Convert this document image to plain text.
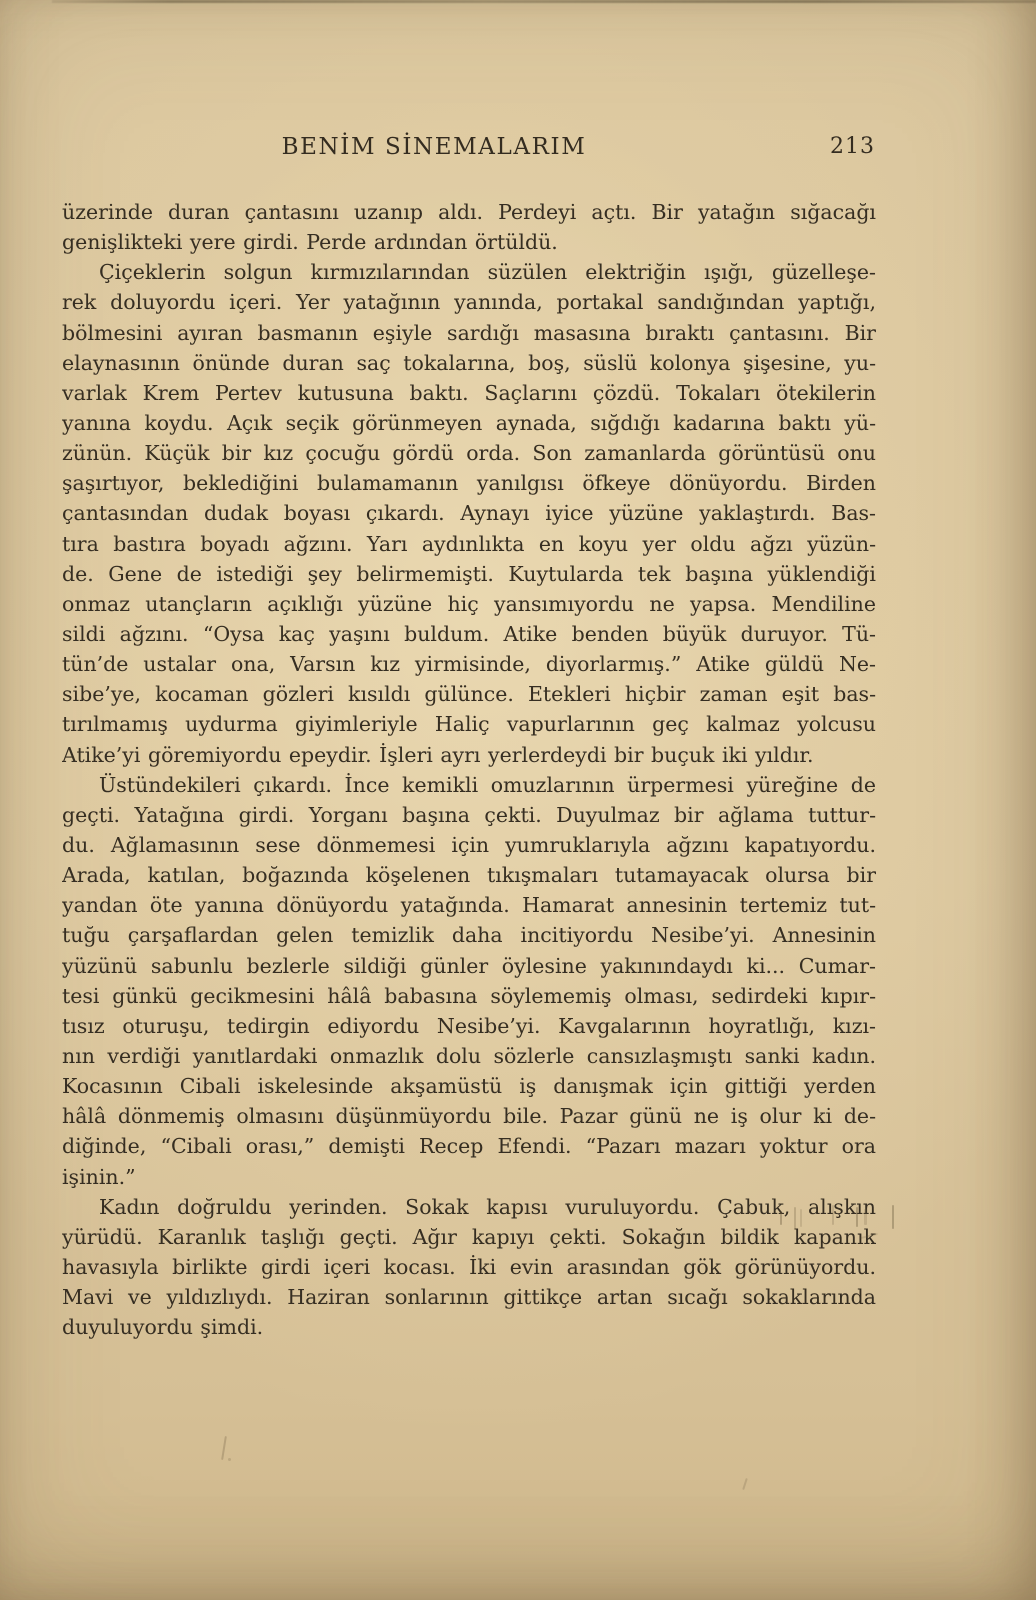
BENİM SİNEMALARIM	213
üzerinde duran çantasını uzanıp aldı. Perdeyi açtı. Bir yatağın sığacağı
genişlikteki yere girdi. Perde ardından örtüldü.
Çiçeklerin solgun kırmızılarından süzülen elektriğin ışığı, güzelleşe-
rek doluyordu içeri. Yer yatağının yanında, portakal sandığından yaptığı,
bölmesini ayıran basmanın eşiyle sardığı masasına bıraktı çantasını. Bir
elaynasının önünde duran saç tokalarına, boş, süslü kolonya şişesine, yu-
varlak Krem Pertev kutusuna baktı. Saçlarını çözdü. Tokaları ötekilerin
yanına koydu. Açık seçik görünmeyen aynada, sığdığı kadarına baktı yü-
zünün. Küçük bir kız çocuğu gördü orda. Son zamanlarda görüntüsü onu
şaşırtıyor, beklediğini bulamamanın yanılgısı öfkeye dönüyordu. Birden
çantasından dudak boyası çıkardı. Aynayı iyice yüzüne yaklaştırdı. Bas-
tıra bastıra boyadı ağzını. Yarı aydınlıkta en koyu yer oldu ağzı yüzün-
de. Gene de istediği şey belirmemişti. Kuytularda tek başına yüklendiği
onmaz utançların açıklığı yüzüne hiç yansımıyordu ne yapsa. Mendiline
sildi ağzını. “Oysa kaç yaşını buldum. Atike benden büyük duruyor. Tü-
tün’de ustalar ona, Varsın kız yirmisinde, diyorlarmış.” Atike güldü Ne-
sibe’ye, kocaman gözleri kısıldı gülünce. Etekleri hiçbir zaman eşit bas-
tırılmamış uydurma giyimleriyle Haliç vapurlarının geç kalmaz yolcusu
Atike’yi göremiyordu epeydir. İşleri ayrı yerlerdeydi bir buçuk iki yıldır.
Üstündekileri çıkardı. İnce kemikli omuzlarının ürpermesi yüreğine de
geçti. Yatağına girdi. Yorganı başına çekti. Duyulmaz bir ağlama tuttur-
du. Ağlamasının sese dönmemesi için yumruklarıyla ağzını kapatıyordu.
Arada, katılan, boğazında köşelenen tıkışmaları tutamayacak olursa bir
yandan öte yanına dönüyordu yatağında. Hamarat annesinin tertemiz tut-
tuğu çarşaflardan gelen temizlik daha incitiyordu Nesibe’yi. Annesinin
yüzünü sabunlu bezlerle sildiği günler öylesine yakınındaydı ki... Cumar-
tesi günkü gecikmesini hâlâ babasına söylememiş olması, sedirdeki kıpır-
tısız oturuşu, tedirgin ediyordu Nesibe’yi. Kavgalarının hoyratlığı, kızı-
nın verdiği yanıtlardaki onmazlık dolu sözlerle cansızlaşmıştı sanki kadın.
Kocasının Cibali iskelesinde akşamüstü iş danışmak için gittiği yerden
hâlâ dönmemiş olmasını düşünmüyordu bile. Pazar günü ne iş olur ki de-
diğinde, “Cibali orası,” demişti Recep Efendi. “Pazarı mazarı yoktur ora
işinin.”
Kadın doğruldu yerinden. Sokak kapısı vuruluyordu. Çabuk, alışkın
yürüdü. Karanlık taşlığı geçti. Ağır kapıyı çekti. Sokağın bildik kapanık
havasıyla birlikte girdi içeri kocası. İki evin arasından gök görünüyordu.
Mavi ve yıldızlıydı. Haziran sonlarının gittikçe artan sıcağı sokaklarında
duyuluyordu şimdi.
